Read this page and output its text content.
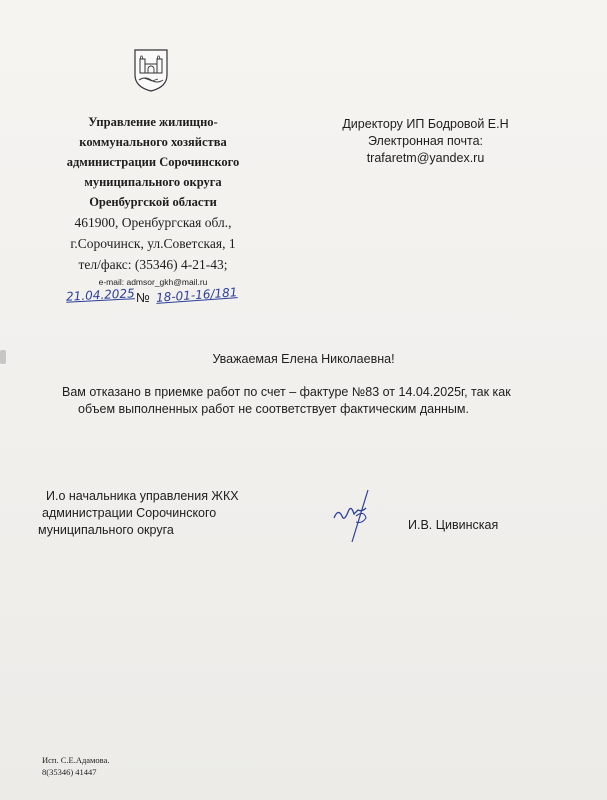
Управление жилищно-
коммунального хозяйства
администрации Сорочинского
муниципального округа
Оренбургской области
461900, Оренбургская обл.,
г.Сорочинск, ул.Советская, 1
тел/факс: (35346) 4-21-43;
e-mail: admsor_gkh@mail.ru
Директору ИП Бодровой Е.Н
Электронная почта:
trafaretm@yandex.ru
21.04.2025 № 18-01-16/181
Уважаемая Елена Николаевна!
Вам отказано в приемке работ по счет – фактуре №83 от 14.04.2025г, так как
объем выполненных работ не соответствует фактическим данным.
И.о начальника управления ЖКХ
администрации Сорочинского
муниципального округа	И.В. Цивинская
Исп. С.Е.Адамова.
8(35346) 41447
